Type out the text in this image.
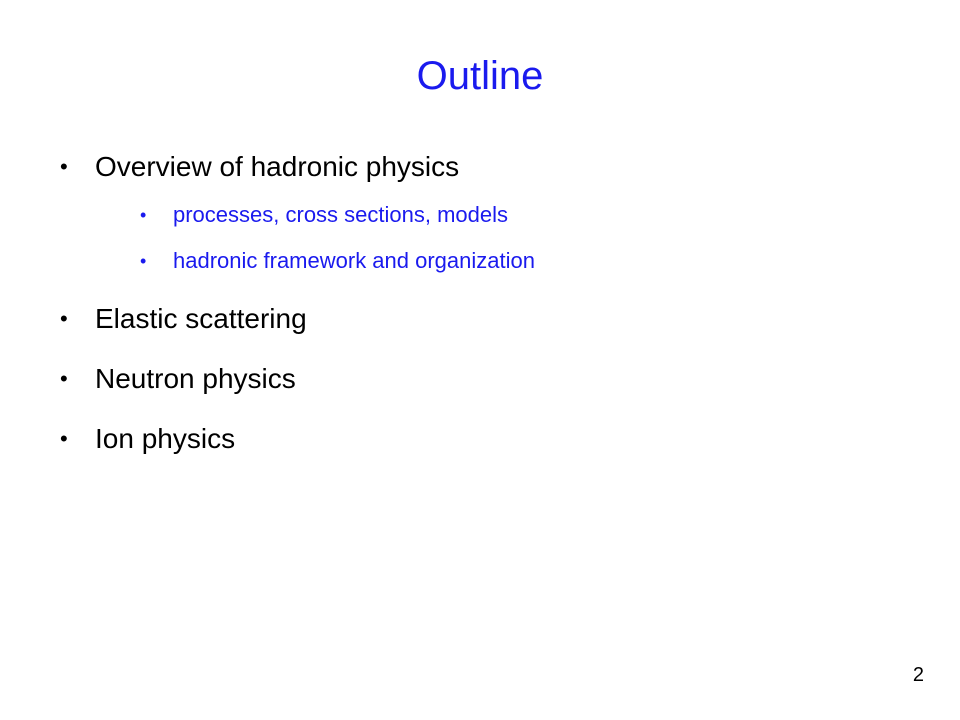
Outline
• Overview of hadronic physics
• processes, cross sections, models
• hadronic framework and organization
• Elastic scattering
• Neutron physics
• Ion physics
2
